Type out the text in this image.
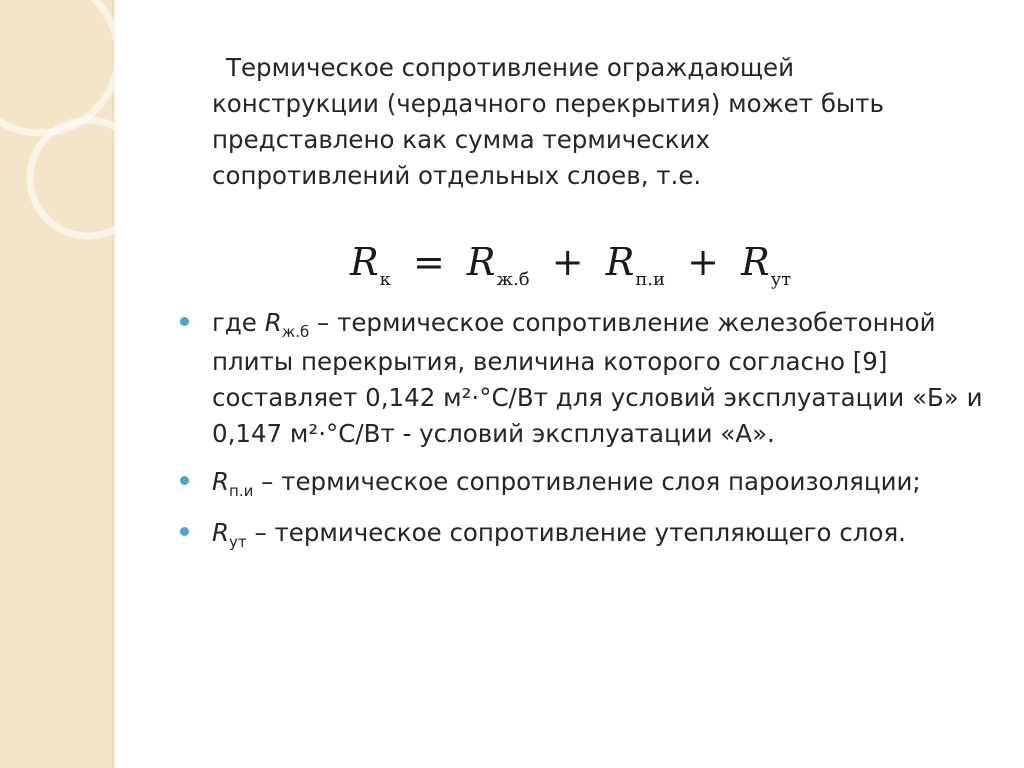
Термическое сопротивление ограждающей
конструкции (чердачного перекрытия) может быть
представлено как сумма термических
сопротивлений отдельных слоев, т.е.
$R_к = R_{ж.б} + R_{п.и} + R_{ут}$
где $R_{ж.б}$ – термическое сопротивление железобетонной плиты перекрытия, величина которого согласно [9] составляет 0,142 м²·°С/Вт для условий эксплуатации «Б» и 0,147 м²·°С/Вт - условий эксплуатации «А».
$R_{п.и}$ – термическое сопротивление слоя пароизоляции;
$R_{ут}$ – термическое сопротивление утепляющего слоя.
